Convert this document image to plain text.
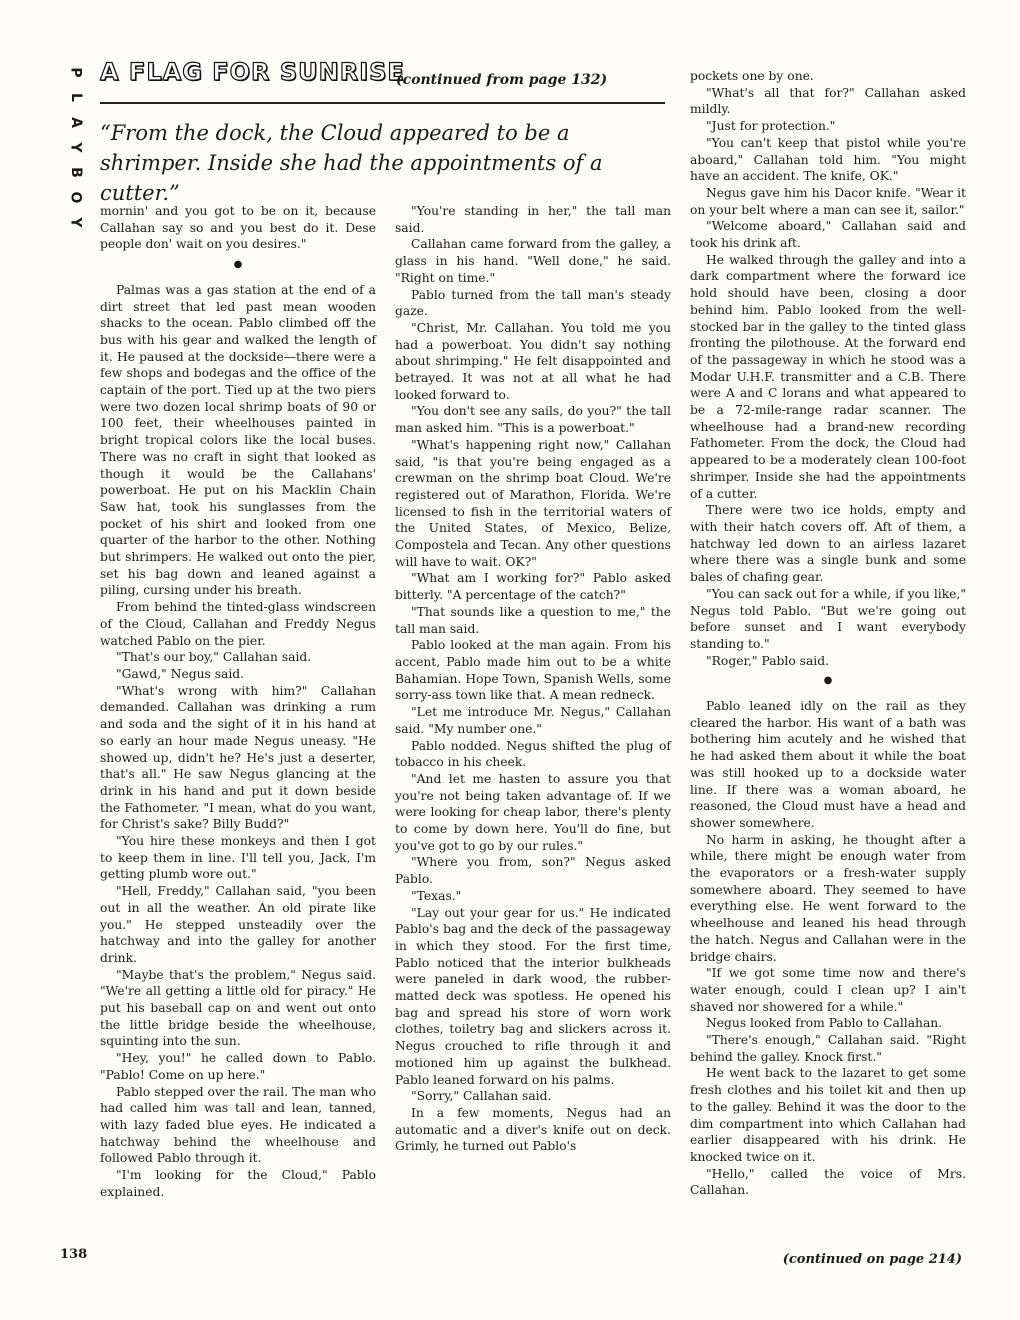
P
L
A
Y
B
O
Y
A FLAG FOR SUNRISE
(continued from page 132)
“From the dock, the Cloud appeared to be a shrimper. Inside she had the appointments of a cutter.”

mornin' and you got to be on it, because Callahan say so and you best do it. Dese people don' wait on you desires."

●

Palmas was a gas station at the end of a dirt street that led past mean wooden shacks to the ocean. Pablo climbed off the bus with his gear and walked the length of it. He paused at the dockside—there were a few shops and bodegas and the office of the captain of the port. Tied up at the two piers were two dozen local shrimp boats of 90 or 100 feet, their wheelhouses painted in bright tropical colors like the local buses. There was no craft in sight that looked as though it would be the Callahans' powerboat. He put on his Macklin Chain Saw hat, took his sunglasses from the pocket of his shirt and looked from one quarter of the harbor to the other. Nothing but shrimpers. He walked out onto the pier, set his bag down and leaned against a piling, cursing under his breath.

From behind the tinted-glass windscreen of the Cloud, Callahan and Freddy Negus watched Pablo on the pier.

"That's our boy," Callahan said.

"Gawd," Negus said.

"What's wrong with him?" Callahan demanded. Callahan was drinking a rum and soda and the sight of it in his hand at so early an hour made Negus uneasy. "He showed up, didn't he? He's just a deserter, that's all." He saw Negus glancing at the drink in his hand and put it down beside the Fathometer. "I mean, what do you want, for Christ's sake? Billy Budd?"

"You hire these monkeys and then I got to keep them in line. I'll tell you, Jack, I'm getting plumb wore out."

"Hell, Freddy," Callahan said, "you been out in all the weather. An old pirate like you." He stepped unsteadily over the hatchway and into the galley for another drink.

"Maybe that's the problem," Negus said. "We're all getting a little old for piracy." He put his baseball cap on and went out onto the little bridge beside the wheelhouse, squinting into the sun.

"Hey, you!" he called down to Pablo. "Pablo! Come on up here."

Pablo stepped over the rail. The man who had called him was tall and lean, tanned, with lazy faded blue eyes. He indicated a hatchway behind the wheelhouse and followed Pablo through it.

"I'm looking for the Cloud," Pablo explained.

"You're standing in her," the tall man said.

Callahan came forward from the galley, a glass in his hand. "Well done," he said. "Right on time."

Pablo turned from the tall man's steady gaze.

"Christ, Mr. Callahan. You told me you had a powerboat. You didn't say nothing about shrimping." He felt disappointed and betrayed. It was not at all what he had looked forward to.

"You don't see any sails, do you?" the tall man asked him. "This is a powerboat."

"What's happening right now," Callahan said, "is that you're being engaged as a crewman on the shrimp boat Cloud. We're registered out of Marathon, Florida. We're licensed to fish in the territorial waters of the United States, of Mexico, Belize, Compostela and Tecan. Any other questions will have to wait. OK?"

"What am I working for?" Pablo asked bitterly. "A percentage of the catch?"

"That sounds like a question to me," the tall man said.

Pablo looked at the man again. From his accent, Pablo made him out to be a white Bahamian. Hope Town, Spanish Wells, some sorry-ass town like that. A mean redneck.

"Let me introduce Mr. Negus," Callahan said. "My number one."

Pablo nodded. Negus shifted the plug of tobacco in his cheek.

"And let me hasten to assure you that you're not being taken advantage of. If we were looking for cheap labor, there's plenty to come by down here. You'll do fine, but you've got to go by our rules."

"Where you from, son?" Negus asked Pablo.

"Texas."

"Lay out your gear for us." He indicated Pablo's bag and the deck of the passageway in which they stood. For the first time, Pablo noticed that the interior bulkheads were paneled in dark wood, the rubber-matted deck was spotless. He opened his bag and spread his store of worn work clothes, toiletry bag and slickers across it. Negus crouched to rifle through it and motioned him up against the bulkhead. Pablo leaned forward on his palms.

"Sorry," Callahan said.

In a few moments, Negus had an automatic and a diver's knife out on deck. Grimly, he turned out Pablo's

pockets one by one.

"What's all that for?" Callahan asked mildly.

"Just for protection."

"You can't keep that pistol while you're aboard," Callahan told him. "You might have an accident. The knife, OK."

Negus gave him his Dacor knife. "Wear it on your belt where a man can see it, sailor."

"Welcome aboard," Callahan said and took his drink aft.

He walked through the galley and into a dark compartment where the forward ice hold should have been, closing a door behind him. Pablo looked from the well-stocked bar in the galley to the tinted glass fronting the pilothouse. At the forward end of the passageway in which he stood was a Modar U.H.F. transmitter and a C.B. There were A and C lorans and what appeared to be a 72-mile-range radar scanner. The wheelhouse had a brand-new recording Fathometer. From the dock, the Cloud had appeared to be a moderately clean 100-foot shrimper. Inside she had the appointments of a cutter.

There were two ice holds, empty and with their hatch covers off. Aft of them, a hatchway led down to an airless lazaret where there was a single bunk and some bales of chafing gear.

"You can sack out for a while, if you like," Negus told Pablo. "But we're going out before sunset and I want everybody standing to."

"Roger," Pablo said.

●

Pablo leaned idly on the rail as they cleared the harbor. His want of a bath was bothering him acutely and he wished that he had asked them about it while the boat was still hooked up to a dockside water line. If there was a woman aboard, he reasoned, the Cloud must have a head and shower somewhere.

No harm in asking, he thought after a while, there might be enough water from the evaporators or a fresh-water supply somewhere aboard. They seemed to have everything else. He went forward to the wheelhouse and leaned his head through the hatch. Negus and Callahan were in the bridge chairs.

"If we got some time now and there's water enough, could I clean up? I ain't shaved nor showered for a while."

Negus looked from Pablo to Callahan.

"There's enough," Callahan said. "Right behind the galley. Knock first."

He went back to the lazaret to get some fresh clothes and his toilet kit and then up to the galley. Behind it was the door to the dim compartment into which Callahan had earlier disappeared with his drink. He knocked twice on it.

"Hello," called the voice of Mrs. Callahan.

138	(continued on page 214)
